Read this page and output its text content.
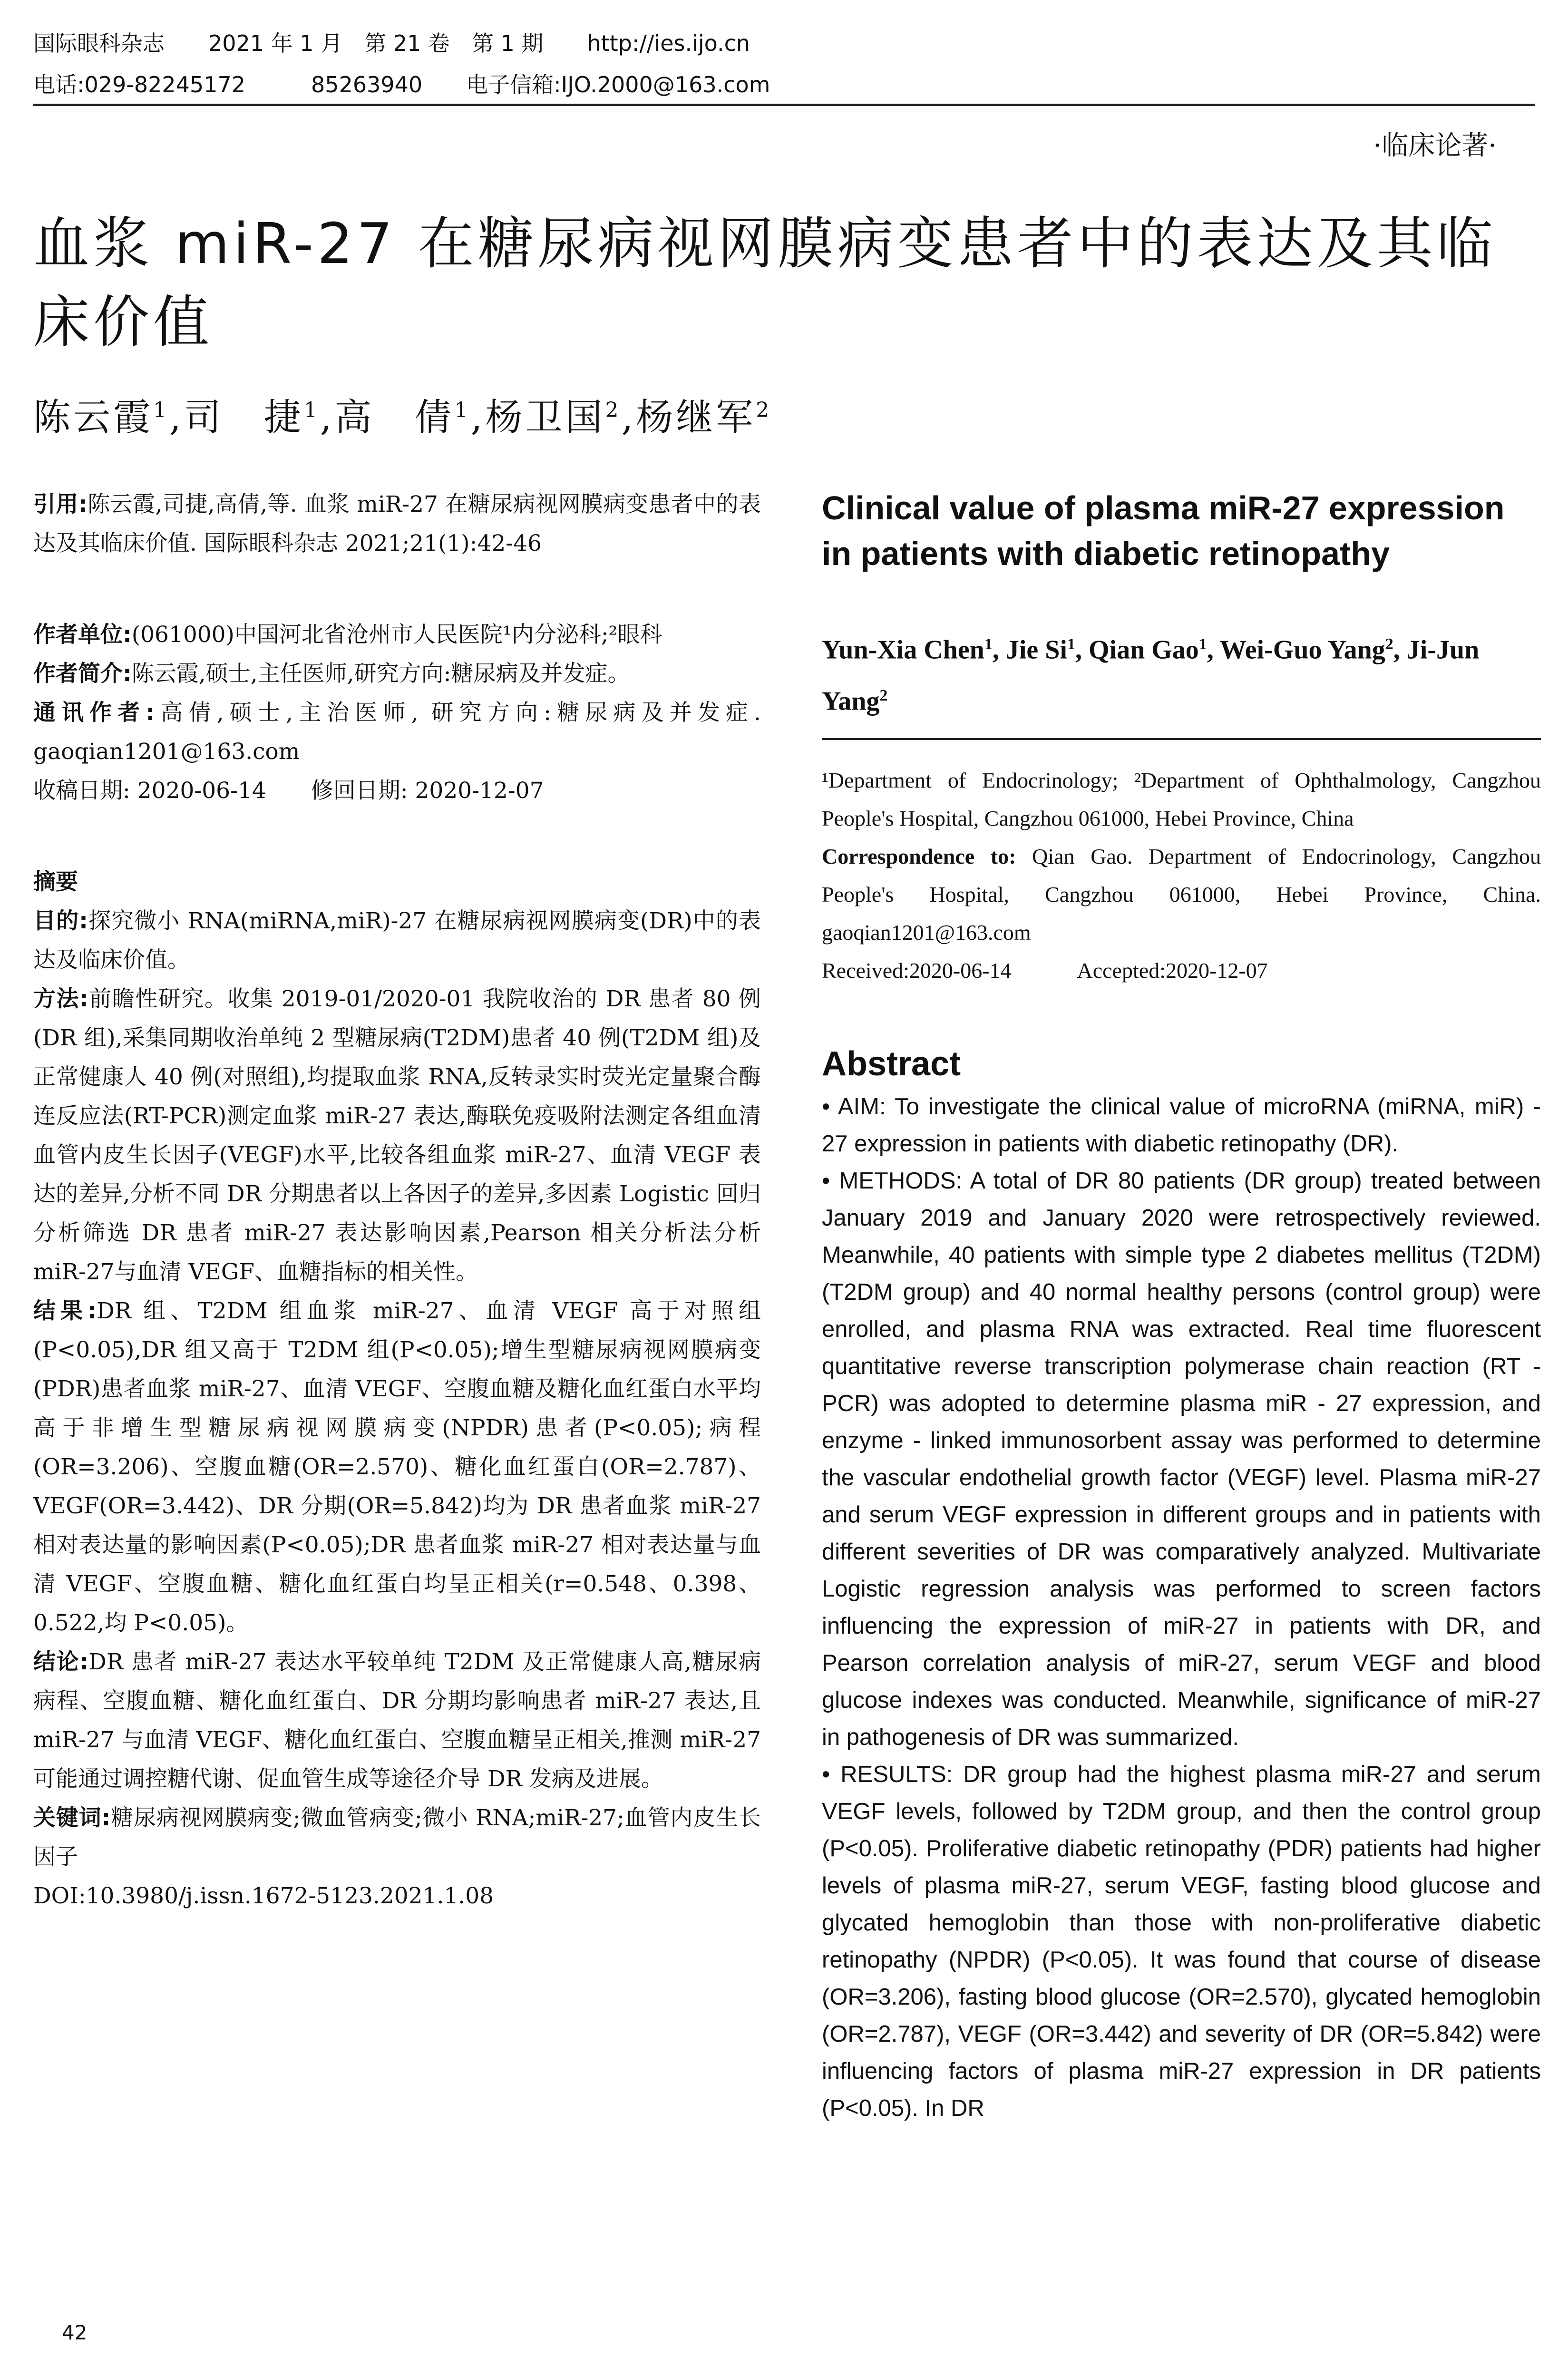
国际眼科杂志　　2021 年 1 月　第 21 卷　第 1 期　　http://ies.ijo.cn
电话:029-82245172　　　85263940　　电子信箱:IJO.2000@163.com
·临床论著·
血浆 miR-27 在糖尿病视网膜病变患者中的表达及其临床价值
陈云霞$^1$,司　捷$^1$,高　倩$^1$,杨卫国$^2$,杨继军$^2$

引用:陈云霞,司捷,高倩,等. 血浆 miR-27 在糖尿病视网膜病变患者中的表达及其临床价值. 国际眼科杂志 2021;21(1):42-46

作者单位:(061000)中国河北省沧州市人民医院¹内分泌科;²眼科

作者简介:陈云霞,硕士,主任医师,研究方向:糖尿病及并发症。

通讯作者:高倩,硕士,主治医师, 研究方向:糖尿病及并发症. gaoqian1201@163.com

收稿日期: 2020-06-14　　修回日期: 2020-12-07

摘要

目的:探究微小 RNA(miRNA,miR)-27 在糖尿病视网膜病变(DR)中的表达及临床价值。

方法:前瞻性研究。收集 2019-01/2020-01 我院收治的 DR 患者 80 例(DR 组),采集同期收治单纯 2 型糖尿病(T2DM)患者 40 例(T2DM 组)及正常健康人 40 例(对照组),均提取血浆 RNA,反转录实时荧光定量聚合酶连反应法(RT-PCR)测定血浆 miR-27 表达,酶联免疫吸附法测定各组血清血管内皮生长因子(VEGF)水平,比较各组血浆 miR-27、血清 VEGF 表达的差异,分析不同 DR 分期患者以上各因子的差异,多因素 Logistic 回归分析筛选 DR 患者 miR-27 表达影响因素,Pearson 相关分析法分析 miR-27与血清 VEGF、血糖指标的相关性。

结果:DR 组、T2DM 组血浆 miR-27、血清 VEGF 高于对照组(P<0.05),DR 组又高于 T2DM 组(P<0.05);增生型糖尿病视网膜病变(PDR)患者血浆 miR-27、血清 VEGF、空腹血糖及糖化血红蛋白水平均高于非增生型糖尿病视网膜病变(NPDR)患者(P<0.05);病程(OR=3.206)、空腹血糖(OR=2.570)、糖化血红蛋白(OR=2.787)、VEGF(OR=3.442)、DR 分期(OR=5.842)均为 DR 患者血浆 miR-27 相对表达量的影响因素(P<0.05);DR 患者血浆 miR-27 相对表达量与血清 VEGF、空腹血糖、糖化血红蛋白均呈正相关(r=0.548、0.398、0.522,均 P<0.05)。

结论:DR 患者 miR-27 表达水平较单纯 T2DM 及正常健康人高,糖尿病病程、空腹血糖、糖化血红蛋白、DR 分期均影响患者 miR-27 表达,且 miR-27 与血清 VEGF、糖化血红蛋白、空腹血糖呈正相关,推测 miR-27 可能通过调控糖代谢、促血管生成等途径介导 DR 发病及进展。

关键词:糖尿病视网膜病变;微血管病变;微小 RNA;miR-27;血管内皮生长因子

DOI:10.3980/j.issn.1672-5123.2021.1.08

Clinical value of plasma miR-27 expression in patients with diabetic retinopathy

Yun-Xia Chen$^1$, Jie Si$^1$, Qian Gao$^1$, Wei-Guo Yang$^2$, Ji-Jun Yang$^2$

¹Department of Endocrinology; ²Department of Ophthalmology, Cangzhou People's Hospital, Cangzhou 061000, Hebei Province, China

Correspondence to: Qian Gao. Department of Endocrinology, Cangzhou People's Hospital, Cangzhou 061000, Hebei Province, China. gaoqian1201@163.com

Received:2020-06-14　　　Accepted:2020-12-07

Abstract

• AIM: To investigate the clinical value of microRNA (miRNA, miR) - 27 expression in patients with diabetic retinopathy (DR).

• METHODS: A total of DR 80 patients (DR group) treated between January 2019 and January 2020 were retrospectively reviewed. Meanwhile, 40 patients with simple type 2 diabetes mellitus (T2DM) (T2DM group) and 40 normal healthy persons (control group) were enrolled, and plasma RNA was extracted. Real time fluorescent quantitative reverse transcription polymerase chain reaction (RT - PCR) was adopted to determine plasma miR - 27 expression, and enzyme - linked immunosorbent assay was performed to determine the vascular endothelial growth factor (VEGF) level. Plasma miR-27 and serum VEGF expression in different groups and in patients with different severities of DR was comparatively analyzed. Multivariate Logistic regression analysis was performed to screen factors influencing the expression of miR-27 in patients with DR, and Pearson correlation analysis of miR-27, serum VEGF and blood glucose indexes was conducted. Meanwhile, significance of miR-27 in pathogenesis of DR was summarized.

• RESULTS: DR group had the highest plasma miR-27 and serum VEGF levels, followed by T2DM group, and then the control group (P<0.05). Proliferative diabetic retinopathy (PDR) patients had higher levels of plasma miR-27, serum VEGF, fasting blood glucose and glycated hemoglobin than those with non-proliferative diabetic retinopathy (NPDR) (P<0.05). It was found that course of disease (OR=3.206), fasting blood glucose (OR=2.570), glycated hemoglobin (OR=2.787), VEGF (OR=3.442) and severity of DR (OR=5.842) were influencing factors of plasma miR-27 expression in DR patients (P<0.05). In DR

42
